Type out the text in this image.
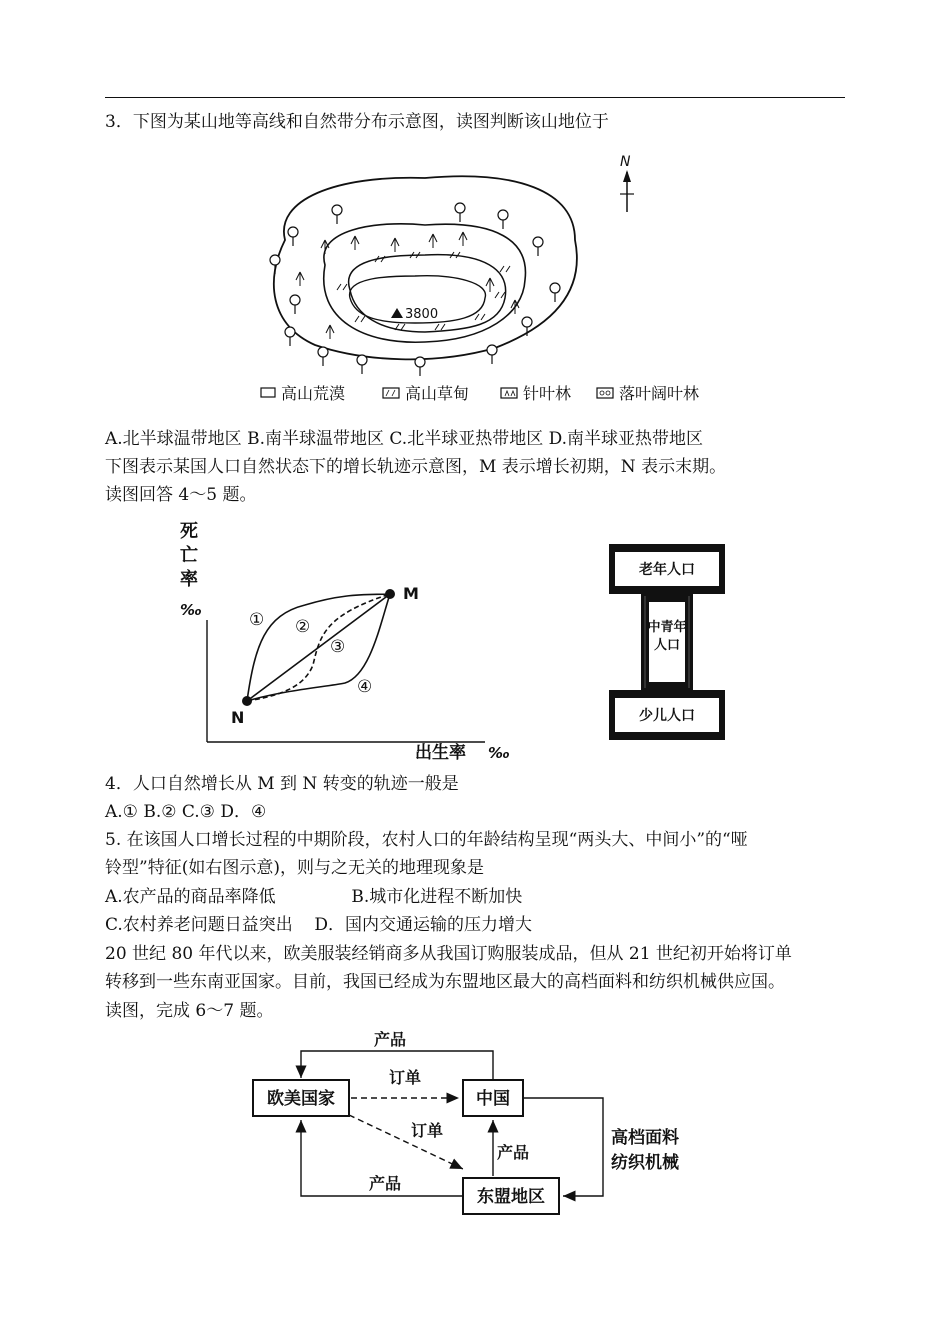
3．下图为某山地等高线和自然带分布示意图，读图判断该山地位于
N
3800
高山荒漠	高山草甸	针叶林	落叶阔叶林
A.北半球温带地区 B.南半球温带地区 C.北半球亚热带地区 D.南半球亚热带地区
下图表示某国人口自然状态下的增长轨迹示意图，M 表示增长初期，N 表示末期。
读图回答 4～5 题。
死
亡
率
‰
出生率 ‰
M
N
① ②
③
④
老年人口
中青年
人口
少儿人口
4．人口自然增长从 M 到 N 转变的轨迹一般是
A.① B.② C.③ D．④
5. 在该国人口增长过程的中期阶段，农村人口的年龄结构呈现“两头大、中间小”的“哑
铃型”特征(如右图示意)，则与之无关的地理现象是
A.农产品的商品率降低              B.城市化进程不断加快
C.农村养老问题日益突出    D．国内交通运输的压力增大
20 世纪 80 年代以来，欧美服装经销商多从我国订购服装成品，但从 21 世纪初开始将订单
转移到一些东南亚国家。目前，我国已经成为东盟地区最大的高档面料和纺织机械供应国。
读图，完成 6～7 题。
欧美国家	中国
东盟地区
产品
订单
订单
产品
产品
高档面料
纺织机械
